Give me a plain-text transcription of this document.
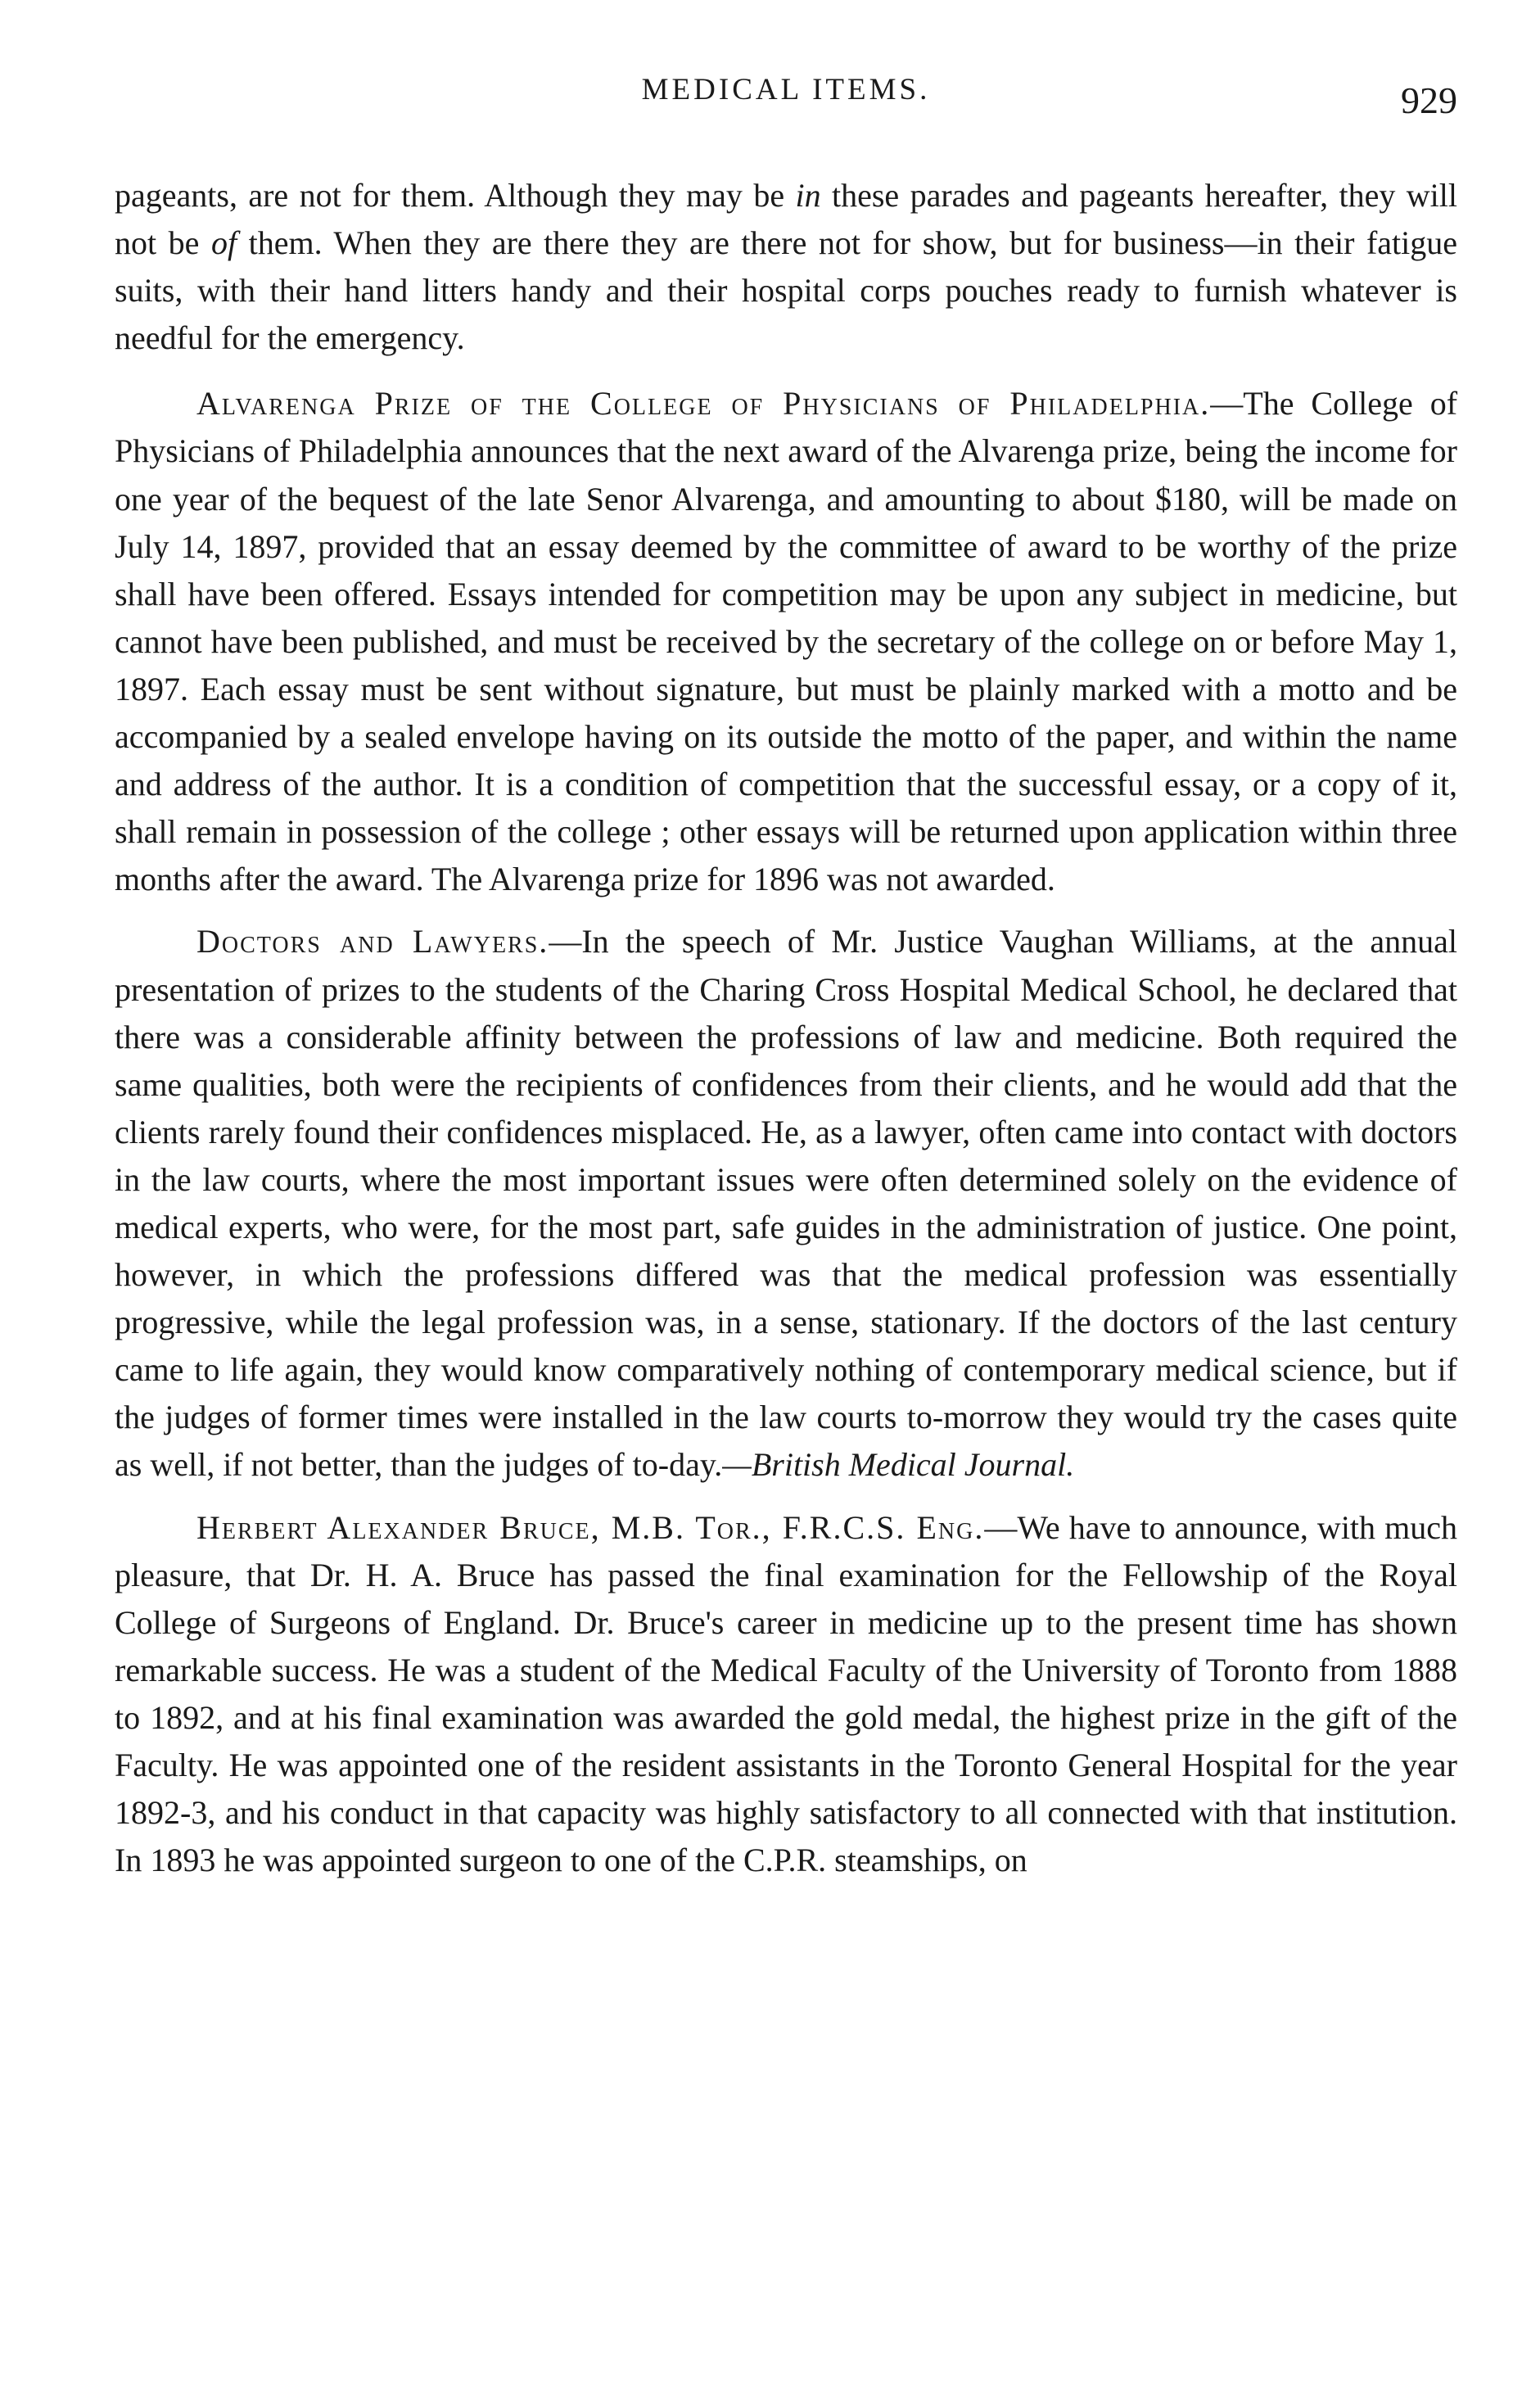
MEDICAL ITEMS.	929

pageants, are not for them. Although they may be in these parades and pageants hereafter, they will not be of them. When they are there they are there not for show, but for business—in their fatigue suits, with their hand litters handy and their hospital corps pouches ready to furnish whatever is needful for the emergency.

Alvarenga Prize of the College of Physicians of Philadelphia.—The College of Physicians of Philadelphia announces that the next award of the Alvarenga prize, being the income for one year of the bequest of the late Senor Alvarenga, and amounting to about $180, will be made on July 14, 1897, provided that an essay deemed by the committee of award to be worthy of the prize shall have been offered. Essays intended for competition may be upon any subject in medicine, but cannot have been published, and must be received by the secretary of the college on or before May 1, 1897. Each essay must be sent without signature, but must be plainly marked with a motto and be accompanied by a sealed envelope having on its outside the motto of the paper, and within the name and address of the author. It is a condition of competition that the successful essay, or a copy of it, shall remain in possession of the college ; other essays will be returned upon application within three months after the award. The Alvarenga prize for 1896 was not awarded.

Doctors and Lawyers.—In the speech of Mr. Justice Vaughan Williams, at the annual presentation of prizes to the students of the Charing Cross Hospital Medical School, he declared that there was a considerable affinity between the professions of law and medicine. Both required the same qualities, both were the recipients of confidences from their clients, and he would add that the clients rarely found their confidences misplaced. He, as a lawyer, often came into contact with doctors in the law courts, where the most important issues were often determined solely on the evidence of medical experts, who were, for the most part, safe guides in the administration of justice. One point, however, in which the professions differed was that the medical profession was essentially progressive, while the legal profession was, in a sense, stationary. If the doctors of the last century came to life again, they would know comparatively nothing of contemporary medical science, but if the judges of former times were installed in the law courts to-morrow they would try the cases quite as well, if not better, than the judges of to-day.—British Medical Journal.

Herbert Alexander Bruce, M.B. Tor., F.R.C.S. Eng.—We have to announce, with much pleasure, that Dr. H. A. Bruce has passed the final examination for the Fellowship of the Royal College of Surgeons of England. Dr. Bruce's career in medicine up to the present time has shown remarkable success. He was a student of the Medical Faculty of the University of Toronto from 1888 to 1892, and at his final examination was awarded the gold medal, the highest prize in the gift of the Faculty. He was appointed one of the resident assistants in the Toronto General Hospital for the year 1892-3, and his conduct in that capacity was highly satisfactory to all connected with that institution. In 1893 he was appointed surgeon to one of the C.P.R. steamships, on
